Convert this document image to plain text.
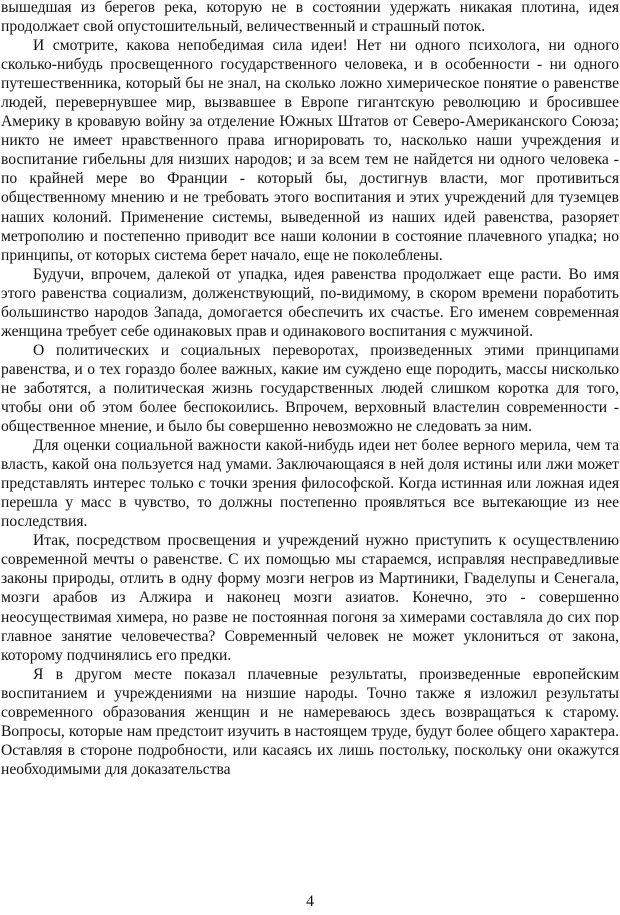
вышедшая из берегов река, которую не в состоянии удержать никакая плотина, идея продолжает свой опустошительный, величественный и страшный поток.

И смотрите, какова непобедимая сила идеи! Нет ни одного психолога, ни одного сколько-нибудь просвещенного государственного человека, и в особенности - ни одного путешественника, который бы не знал, на сколько ложно химерическое понятие о равенстве людей, перевернувшее мир, вызвавшее в Европе гигантскую революцию и бросившее Америку в кровавую войну за отделение Южных Штатов от Северо-Американского Союза; никто не имеет нравственного права игнорировать то, насколько наши учреждения и воспитание гибельны для низших народов; и за всем тем не найдется ни одного человека - по крайней мере во Франции - который бы, достигнув власти, мог противиться общественному мнению и не требовать этого воспитания и этих учреждений для туземцев наших колоний. Применение системы, выведенной из наших идей равенства, разоряет метрополию и постепенно приводит все наши колонии в состояние плачевного упадка; но принципы, от которых система берет начало, еще не поколеблены.

Будучи, впрочем, далекой от упадка, идея равенства продолжает еще расти. Во имя этого равенства социализм, долженствующий, по-видимому, в скором времени поработить большинство народов Запада, домогается обеспечить их счастье. Его именем современная женщина требует себе одинаковых прав и одинакового воспитания с мужчиной.

О политических и социальных переворотах, произведенных этими принципами равенства, и о тех гораздо более важных, какие им суждено еще породить, массы нисколько не заботятся, а политическая жизнь государственных людей слишком коротка для того, чтобы они об этом более беспокоились. Впрочем, верховный властелин современности - общественное мнение, и было бы совершенно невозможно не следовать за ним.

Для оценки социальной важности какой-нибудь идеи нет более верного мерила, чем та власть, какой она пользуется над умами. Заключающаяся в ней доля истины или лжи может представлять интерес только с точки зрения философской. Когда истинная или ложная идея перешла у масс в чувство, то должны постепенно проявляться все вытекающие из нее последствия.

Итак, посредством просвещения и учреждений нужно приступить к осуществлению современной мечты о равенстве. С их помощью мы стараемся, исправляя несправедливые законы природы, отлить в одну форму мозги негров из Мартиники, Гваделупы и Сенегала, мозги арабов из Алжира и наконец мозги азиатов. Конечно, это - совершенно неосуществимая химера, но разве не постоянная погоня за химерами составляла до сих пор главное занятие человечества? Современный человек не может уклониться от закона, которому подчинялись его предки.

Я в другом месте показал плачевные результаты, произведенные европейским воспитанием и учреждениями на низшие народы. Точно также я изложил результаты современного образования женщин и не намереваюсь здесь возвращаться к старому. Вопросы, которые нам предстоит изучить в настоящем труде, будут более общего характера. Оставляя в стороне подробности, или касаясь их лишь постольку, поскольку они окажутся необходимыми для доказательства

4
